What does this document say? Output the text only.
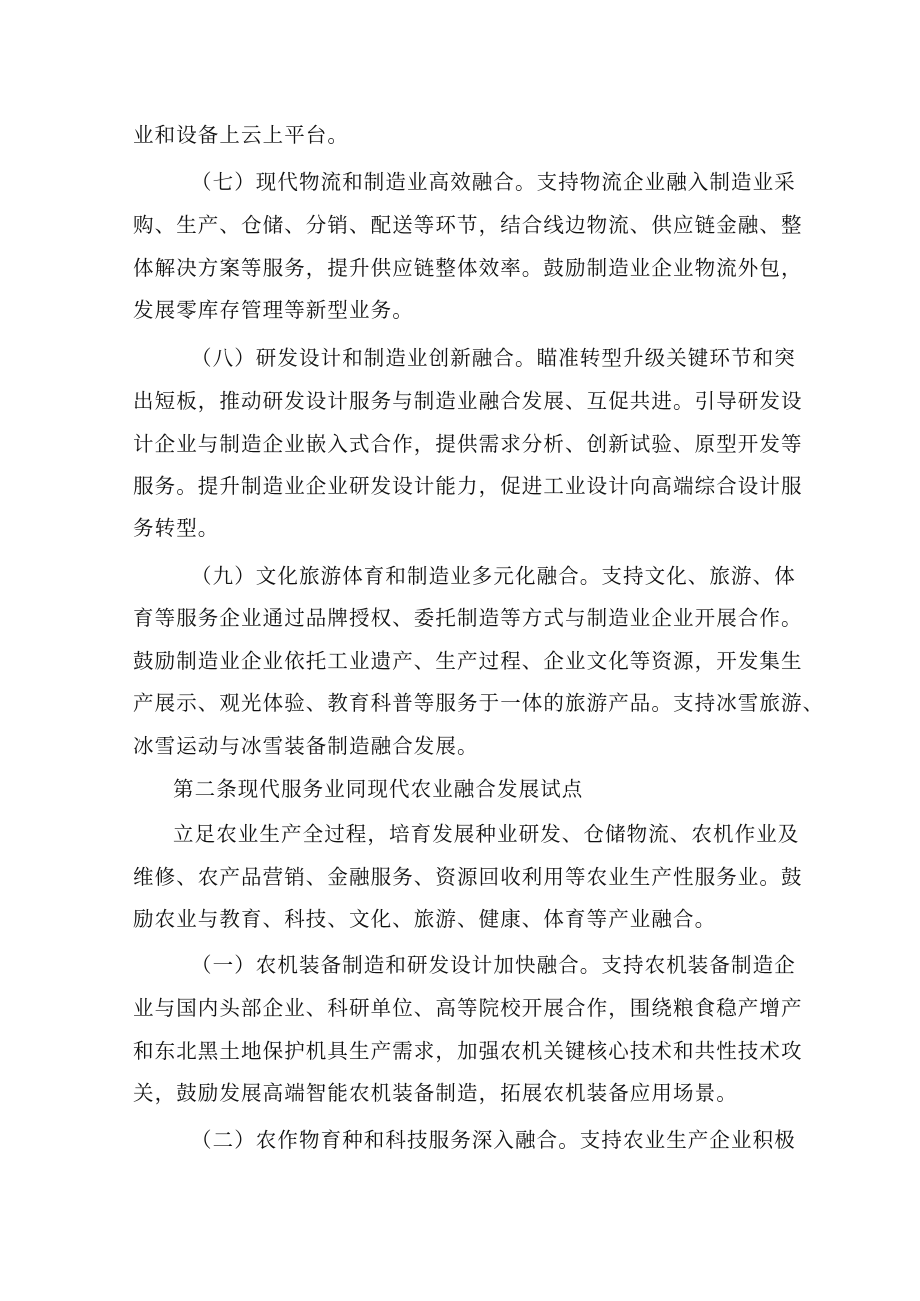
业和设备上云上平台。
（七）现代物流和制造业高效融合。支持物流企业融入制造业采
购、生产、仓储、分销、配送等环节，结合线边物流、供应链金融、整
体解决方案等服务，提升供应链整体效率。鼓励制造业企业物流外包，
发展零库存管理等新型业务。
（八）研发设计和制造业创新融合。瞄准转型升级关键环节和突
出短板，推动研发设计服务与制造业融合发展、互促共进。引导研发设
计企业与制造企业嵌入式合作，提供需求分析、创新试验、原型开发等
服务。提升制造业企业研发设计能力，促进工业设计向高端综合设计服
务转型。
（九）文化旅游体育和制造业多元化融合。支持文化、旅游、体
育等服务企业通过品牌授权、委托制造等方式与制造业企业开展合作。
鼓励制造业企业依托工业遗产、生产过程、企业文化等资源，开发集生
产展示、观光体验、教育科普等服务于一体的旅游产品。支持冰雪旅游、
冰雪运动与冰雪装备制造融合发展。
第二条现代服务业同现代农业融合发展试点
立足农业生产全过程，培育发展种业研发、仓储物流、农机作业及
维修、农产品营销、金融服务、资源回收利用等农业生产性服务业。鼓
励农业与教育、科技、文化、旅游、健康、体育等产业融合。
（一）农机装备制造和研发设计加快融合。支持农机装备制造企
业与国内头部企业、科研单位、高等院校开展合作，围绕粮食稳产增产
和东北黑土地保护机具生产需求，加强农机关键核心技术和共性技术攻
关，鼓励发展高端智能农机装备制造，拓展农机装备应用场景。
（二）农作物育种和科技服务深入融合。支持农业生产企业积极
